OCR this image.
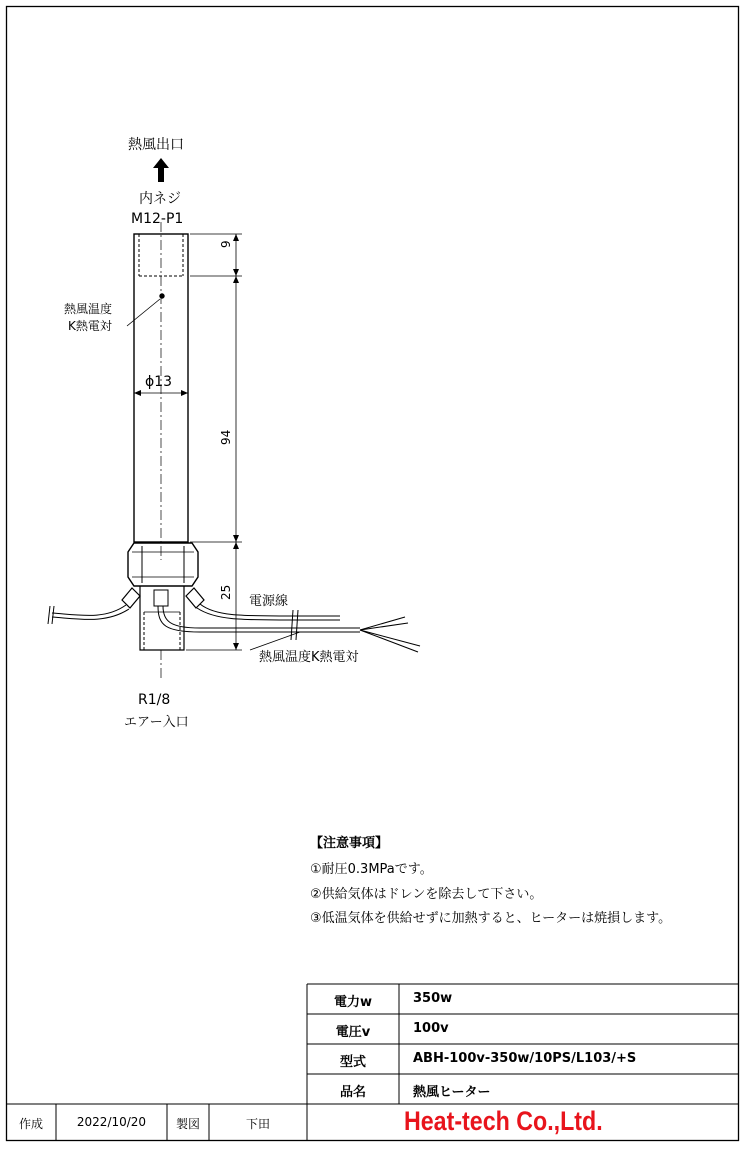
熱風出口
内ネジ
M12-P1
熱風温度
K熱電対
ϕ13
9
94
25
電源線
熱風温度K熱電対
R1/8
エアー入口
【注意事項】
①耐圧0.3MPaです。
②供給気体はドレンを除去して下さい。
③低温気体を供給せずに加熱すると、ヒーターは焼損します。
電力w	350w
電圧v	100v
型式	ABH-100v-350w/10PS/L103/+S
品名	熱風ヒーター
作成	2022/10/20	製図	下田	Heat-tech Co.,Ltd.
